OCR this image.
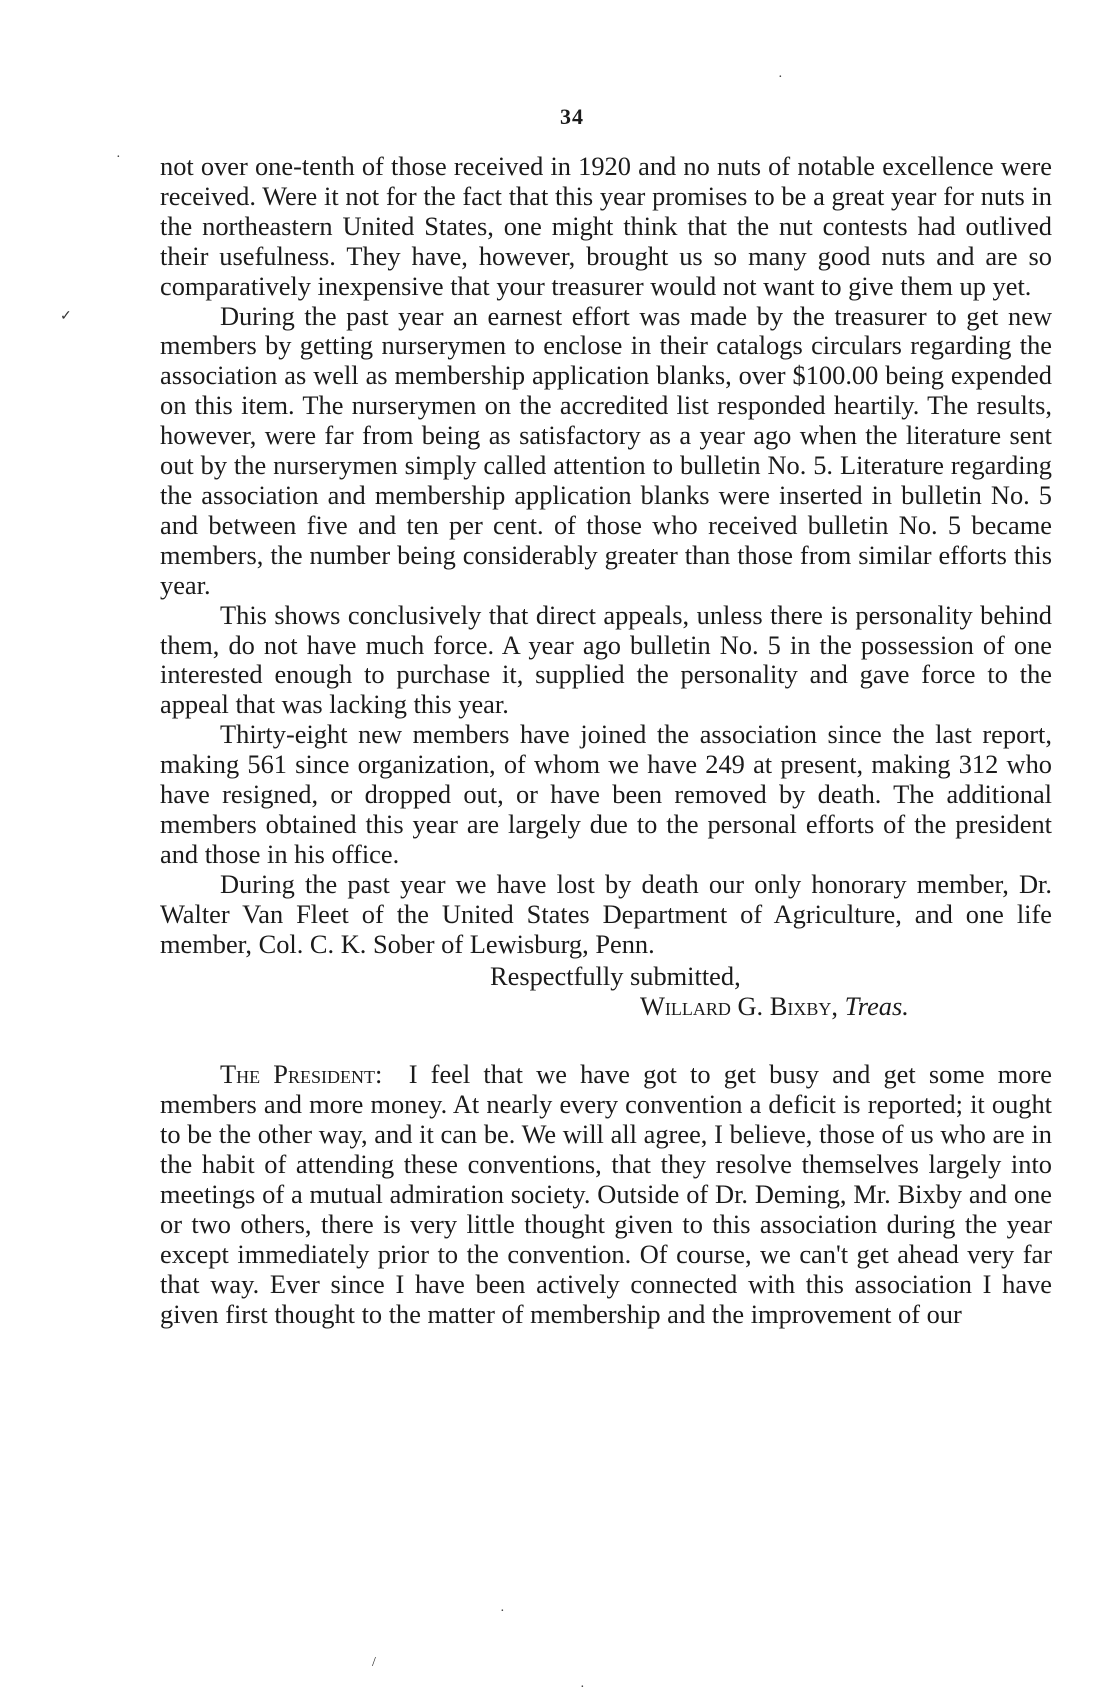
34

not over one-tenth of those received in 1920 and no nuts of notable excellence were received. Were it not for the fact that this year promises to be a great year for nuts in the northeastern United States, one might think that the nut contests had outlived their usefulness. They have, however, brought us so many good nuts and are so comparatively inexpensive that your treasurer would not want to give them up yet.

During the past year an earnest effort was made by the treasurer to get new members by getting nurserymen to enclose in their catalogs circulars regarding the association as well as membership application blanks, over $100.00 being expended on this item. The nurserymen on the accredited list responded heartily. The results, however, were far from being as satisfactory as a year ago when the literature sent out by the nurserymen simply called attention to bulletin No. 5. Literature regarding the association and membership application blanks were inserted in bulletin No. 5 and between five and ten per cent. of those who received bulletin No. 5 became members, the number being considerably greater than those from similar efforts this year.

This shows conclusively that direct appeals, unless there is personality behind them, do not have much force. A year ago bulletin No. 5 in the possession of one interested enough to purchase it, supplied the personality and gave force to the appeal that was lacking this year.

Thirty-eight new members have joined the association since the last report, making 561 since organization, of whom we have 249 at present, making 312 who have resigned, or dropped out, or have been removed by death. The additional members obtained this year are largely due to the personal efforts of the president and those in his office.

During the past year we have lost by death our only honorary member, Dr. Walter Van Fleet of the United States Department of Agriculture, and one life member, Col. C. K. Sober of Lewisburg, Penn.

Respectfully submitted,
Willard G. Bixby, Treas.

The President:  I feel that we have got to get busy and get some more members and more money. At nearly every convention a deficit is reported; it ought to be the other way, and it can be. We will all agree, I believe, those of us who are in the habit of attending these conventions, that they resolve themselves largely into meetings of a mutual admiration society. Outside of Dr. Deming, Mr. Bixby and one or two others, there is very little thought given to this association during the year except immediately prior to the convention. Of course, we can't get ahead very far that way. Ever since I have been actively connected with this association I have given first thought to the matter of membership and the improvement of our

·
✓
·
·
/
·
